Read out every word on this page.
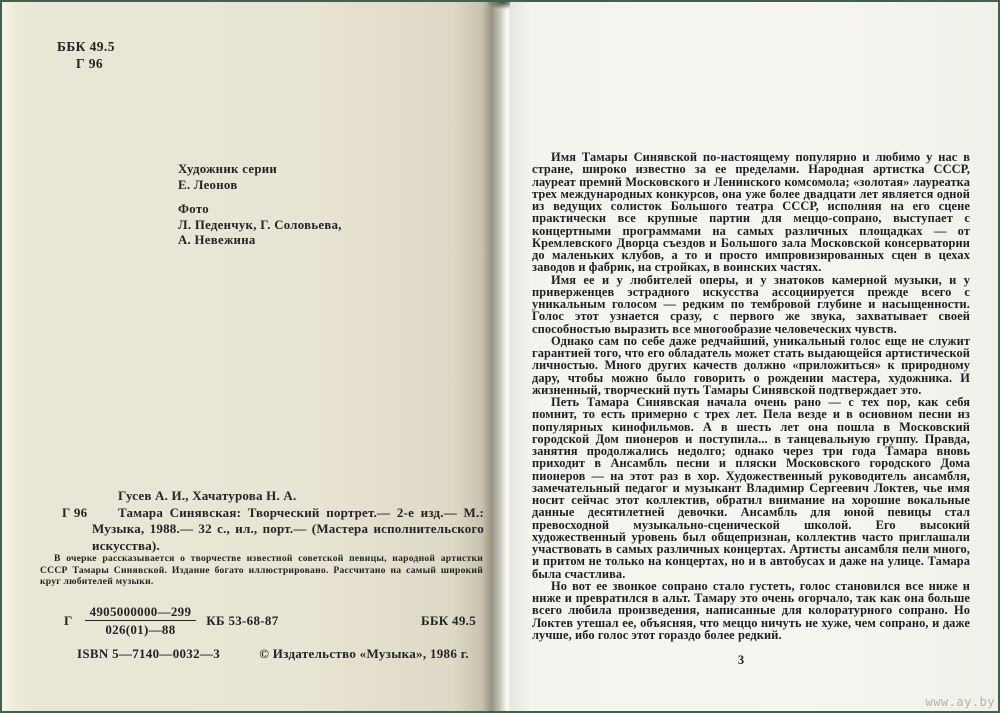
ББК 49.5
Г 96
Художник серии
Е. Леонов
Фото
Л. Педенчук, Г. Соловьева,
А. Невежина
Гусев А. И., Хачатурова Н. А.
Г 96	Тамара Синявская: Творческий портрет.— 2-е изд.— М.: Музыка, 1988.— 32 с., ил., порт.— (Мастера исполнительского искусства).
В очерке рассказывается о творчестве известной советской певицы, народной артистки СССР Тамары Синявской. Издание богато иллюстрировано. Рассчитано на самый широкий круг любителей музыки.
Г $\frac{4905000000—299}{026(01)—88}$ КБ 53-68-87	ББК 49.5
ISBN 5—7140—0032—3	© Издательство «Музыка», 1986 г.

Имя Тамары Синявской по-настоящему популярно и любимо у нас в стране, широко известно за ее пределами. Народная артистка СССР, лауреат премий Московского и Ленинского комсомола; «золотая» лауреатка трех международных конкурсов, она уже более двадцати лет является одной из ведущих солисток Большого театра СССР, исполняя на его сцене практически все крупные партии для меццо-сопрано, выступает с концертными программами на самых различных площадках — от Кремлевского Дворца съездов и Большого зала Московской консерватории до маленьких клубов, а то и просто импровизированных сцен в цехах заводов и фабрик, на стройках, в воинских частях.

Имя ее и у любителей оперы, и у знатоков камерной музыки, и у приверженцев эстрадного искусства ассоциируется прежде всего с уникальным голосом — редким по тембровой глубине и насыщенности. Голос этот узнается сразу, с первого же звука, захватывает своей способностью выразить все многообразие человеческих чувств.

Однако сам по себе даже редчайший, уникальный голос еще не служит гарантией того, что его обладатель может стать выдающейся артистической личностью. Много других качеств должно «приложиться» к природному дару, чтобы можно было говорить о рождении мастера, художника. И жизненный, творческий путь Тамары Синявской подтверждает это.

Петь Тамара Синявская начала очень рано — с тех пор, как себя помнит, то есть примерно с трех лет. Пела везде и в основном песни из популярных кинофильмов. А в шесть лет она пошла в Московский городской Дом пионеров и поступила... в танцевальную группу. Правда, занятия продолжались недолго; однако через три года Тамара вновь приходит в Ансамбль песни и пляски Московского городского Дома пионеров — на этот раз в хор. Художественный руководитель ансамбля, замечательный педагог и музыкант Владимир Сергеевич Локтев, чье имя носит сейчас этот коллектив, обратил внимание на хорошие вокальные данные десятилетней девочки. Ансамбль для юной певицы стал превосходной музыкально-сценической школой. Его высокий художественный уровень был общепризнан, коллектив часто приглашали участвовать в самых различных концертах. Артисты ансамбля пели много, и притом не только на концертах, но и в автобусах и даже на улице. Тамара была счастлива.

Но вот ее звонкое сопрано стало густеть, голос становился все ниже и ниже и превратился в альт. Тамару это очень огорчало, так как она больше всего любила произведения, написанные для колоратурного сопрано. Но Локтев утешал ее, объясняя, что меццо ничуть не хуже, чем сопрано, и даже лучше, ибо голос этот гораздо более редкий.

3
www.ay.by
